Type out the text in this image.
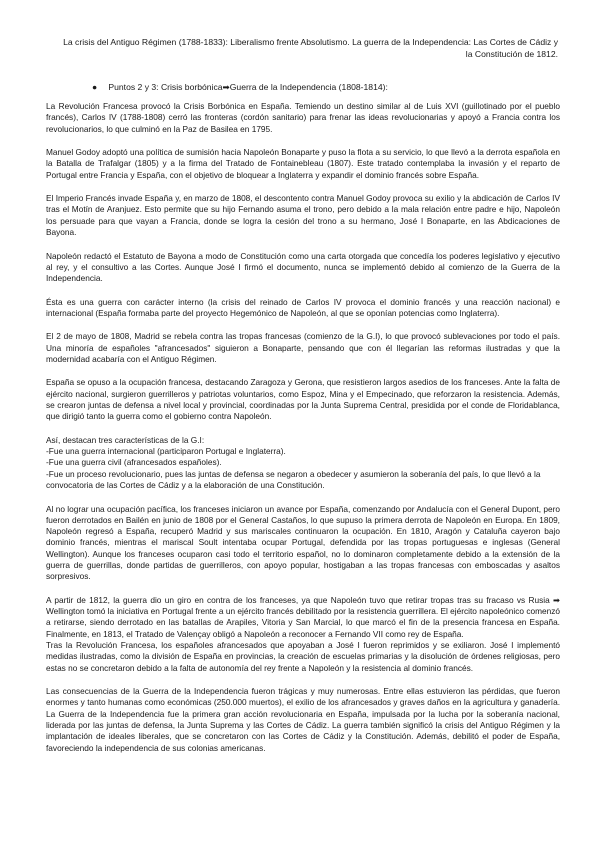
La crisis del Antiguo Régimen (1788-1833): Liberalismo frente Absolutismo. La guerra de la Independencia: Las Cortes de Cádiz y la Constitución de 1812.
● Puntos 2 y 3: Crisis borbónica➡Guerra de la Independencia (1808-1814):

La Revolución Francesa provocó la Crisis Borbónica en España. Temiendo un destino similar al de Luis XVI (guillotinado por el pueblo francés), Carlos IV (1788-1808) cerró las fronteras (cordón sanitario) para frenar las ideas revolucionarias y apoyó a Francia contra los revolucionarios, lo que culminó en la Paz de Basilea en 1795.

Manuel Godoy adoptó una política de sumisión hacia Napoleón Bonaparte y puso la flota a su servicio, lo que llevó a la derrota española en la Batalla de Trafalgar (1805) y a la firma del Tratado de Fontainebleau (1807). Este tratado contemplaba la invasión y el reparto de Portugal entre Francia y España, con el objetivo de bloquear a Inglaterra y expandir el dominio francés sobre España.

El Imperio Francés invade España y, en marzo de 1808, el descontento contra Manuel Godoy provoca su exilio y la abdicación de Carlos IV tras el Motín de Aranjuez. Esto permite que su hijo Fernando asuma el trono, pero debido a la mala relación entre padre e hijo, Napoleón los persuade para que vayan a Francia, donde se logra la cesión del trono a su hermano, José I Bonaparte, en las Abdicaciones de Bayona.

Napoleón redactó el Estatuto de Bayona a modo de Constitución como una carta otorgada que concedía los poderes legislativo y ejecutivo al rey, y el consultivo a las Cortes. Aunque José I firmó el documento, nunca se implementó debido al comienzo de la Guerra de la Independencia.

Ésta es una guerra con carácter interno (la crisis del reinado de Carlos IV provoca el dominio francés y una reacción nacional) e internacional (España formaba parte del proyecto Hegemónico de Napoleón, al que se oponían potencias como Inglaterra).

El 2 de mayo de 1808, Madrid se rebela contra las tropas francesas (comienzo de la G.I), lo que provocó sublevaciones por todo el país. Una minoría de españoles "afrancesados" siguieron a Bonaparte, pensando que con él llegarían las reformas ilustradas y que la modernidad acabaría con el Antiguo Régimen.

España se opuso a la ocupación francesa, destacando Zaragoza y Gerona, que resistieron largos asedios de los franceses. Ante la falta de ejército nacional, surgieron guerrilleros y patriotas voluntarios, como Espoz, Mina y el Empecinado, que reforzaron la resistencia. Además, se crearon juntas de defensa a nivel local y provincial, coordinadas por la Junta Suprema Central, presidida por el conde de Floridablanca, que dirigió tanto la guerra como el gobierno contra Napoleón.

Así, destacan tres características de la G.I:
-Fue una guerra internacional (participaron Portugal e Inglaterra).
-Fue una guerra civil (afrancesados españoles).
-Fue un proceso revolucionario, pues las juntas de defensa se negaron a obedecer y asumieron la soberanía del país, lo que llevó a la convocatoria de las Cortes de Cádiz y a la elaboración de una Constitución.

Al no lograr una ocupación pacífica, los franceses iniciaron un avance por España, comenzando por Andalucía con el General Dupont, pero fueron derrotados en Bailén en junio de 1808 por el General Castaños, lo que supuso la primera derrota de Napoleón en Europa. En 1809, Napoleón regresó a España, recuperó Madrid y sus mariscales continuaron la ocupación. En 1810, Aragón y Cataluña cayeron bajo dominio francés, mientras el mariscal Soult intentaba ocupar Portugal, defendida por las tropas portuguesas e inglesas (General Wellington). Aunque los franceses ocuparon casi todo el territorio español, no lo dominaron completamente debido a la extensión de la guerra de guerrillas, donde partidas de guerrilleros, con apoyo popular, hostigaban a las tropas francesas con emboscadas y asaltos sorpresivos.

A partir de 1812, la guerra dio un giro en contra de los franceses, ya que Napoleón tuvo que retirar tropas tras su fracaso vs Rusia ➡ Wellington tomó la iniciativa en Portugal frente a un ejército francés debilitado por la resistencia guerrillera. El ejército napoleónico comenzó a retirarse, siendo derrotado en las batallas de Arapiles, Vitoria y San Marcial, lo que marcó el fin de la presencia francesa en España. Finalmente, en 1813, el Tratado de Valençay obligó a Napoleón a reconocer a Fernando VII como rey de España.
Tras la Revolución Francesa, los españoles afrancesados que apoyaban a José I fueron reprimidos y se exiliaron. José I implementó medidas ilustradas, como la división de España en provincias, la creación de escuelas primarias y la disolución de órdenes religiosas, pero estas no se concretaron debido a la falta de autonomía del rey frente a Napoleón y la resistencia al dominio francés.

Las consecuencias de la Guerra de la Independencia fueron trágicas y muy numerosas. Entre ellas estuvieron las pérdidas, que fueron enormes y tanto humanas como económicas (250.000 muertos), el exilio de los afrancesados y graves daños en la agricultura y ganadería. La Guerra de la Independencia fue la primera gran acción revolucionaria en España, impulsada por la lucha por la soberanía nacional, liderada por las juntas de defensa, la Junta Suprema y las Cortes de Cádiz. La guerra también significó la crisis del Antiguo Régimen y la implantación de ideales liberales, que se concretaron con las Cortes de Cádiz y la Constitución. Además, debilitó el poder de España, favoreciendo la independencia de sus colonias americanas.
